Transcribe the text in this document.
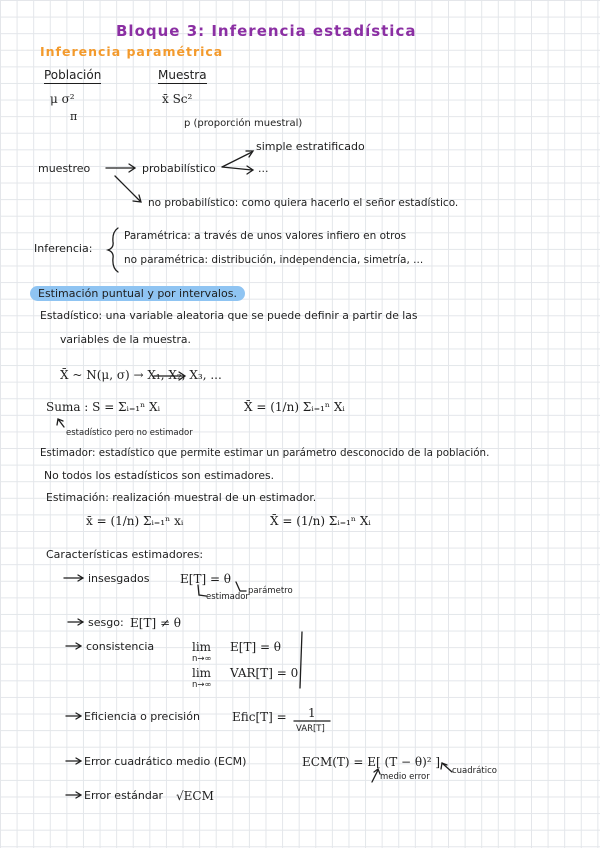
Bloque 3: Inferencia estadística
Inferencia paramétrica
Población
μ σ²
π
Muestra
x̄ Sc²
p (proporción muestral)
muestreo	probabilístico
simple estratificado
...
no probabilístico: como quiera hacerlo el señor estadístico.
Inferencia:
Paramétrica: a través de unos valores infiero en otros
no paramétrica: distribución, independencia, simetría, ...
Estimación puntual y por intervalos.
Estadístico: una variable aleatoria que se puede definir a partir de las
variables de la muestra.
X̄ ~ N(μ, σ) → X₁, X₂, X₃, ...
Suma : S = Σᵢ₌₁ⁿ Xᵢ	X̄ = (1/n) Σᵢ₌₁ⁿ Xᵢ
estadístico pero no estimador
Estimador: estadístico que permite estimar un parámetro desconocido de la población.
No todos los estadísticos son estimadores.
Estimación: realización muestral de un estimador.
x̄ = (1/n) Σᵢ₌₁ⁿ xᵢ	X̄ = (1/n) Σᵢ₌₁ⁿ Xᵢ
Características estimadores:
insesgados	E[T] = θ
estimador
parámetro
sesgo: E[T] ≠ θ
consistencia	lim
n→∞
E[T] = θ
lim
n→∞
VAR[T] = 0
Eficiencia o precisión	Efic[T] = 1
VAR[T]
Error cuadrático medio (ECM)	ECM(T) = E[ (T − θ)² ]
medio error
cuadrático
Error estándar √ECM
